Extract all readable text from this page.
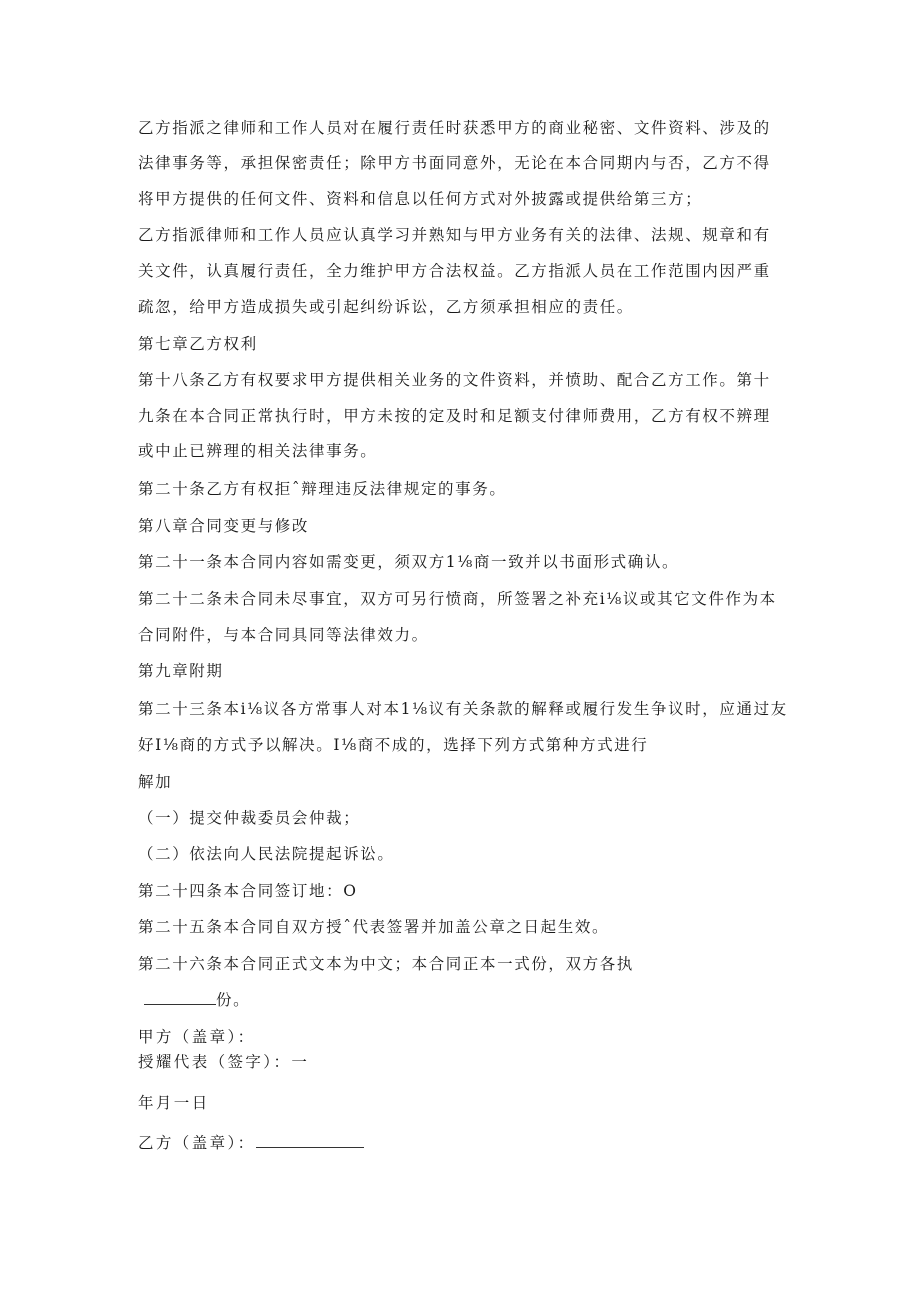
乙方指派之律师和工作人员对在履行责任时获悉甲方的商业秘密、文件资料、涉及的

法律事务等，承担保密责任；除甲方书面同意外，无论在本合同期内与否，乙方不得

将甲方提供的任何文件、资料和信息以任何方式对外披露或提供给第三方；

乙方指派律师和工作人员应认真学习并熟知与甲方业务有关的法律、法规、规章和有

关文件，认真履行责任，全力维护甲方合法权益。乙方指派人员在工作范围内因严重

疏忽，给甲方造成损失或引起纠纷诉讼，乙方须承担相应的责任。

第七章乙方权利

第十八条乙方有权要求甲方提供相关业务的文件资料，并愤助、配合乙方工作。第十

九条在本合同正常执行时，甲方未按的定及时和足额支付律师费用，乙方有权不辨理

或中止已辨理的相关法律事务。

第二十条乙方有权拒ˆ辩理违反法律规定的事务。

第八章合同变更与修改

第二十一条本合同内容如需变更，须双方1⅛商一致并以书面形式确认。

第二十二条未合同未尽事宜，双方可另行愤商，所签署之补充i⅛议或其它文件作为本

合同附件，与本合同具同等法律效力。

第九章附期

第二十三条本i⅛议各方常事人对本1⅛议有关条款的解释或履行发生争议时，应通过友

好I⅛商的方式予以解决。I⅛商不成的，选择下列方式第种方式进行

解加

（一）提交仲裁委员会仲裁；

（二）依法向人民法院提起诉讼。

第二十四条本合同签订地：O

第二十五条本合同自双方授ˆ代表签署并加盖公章之日起生效。

第二十六条本合同正式文本为中文；本合同正本一式份，双方各执

份。

甲方（盖章）：

授耀代表（签字）：一

年月一日

乙方（盖章）：
